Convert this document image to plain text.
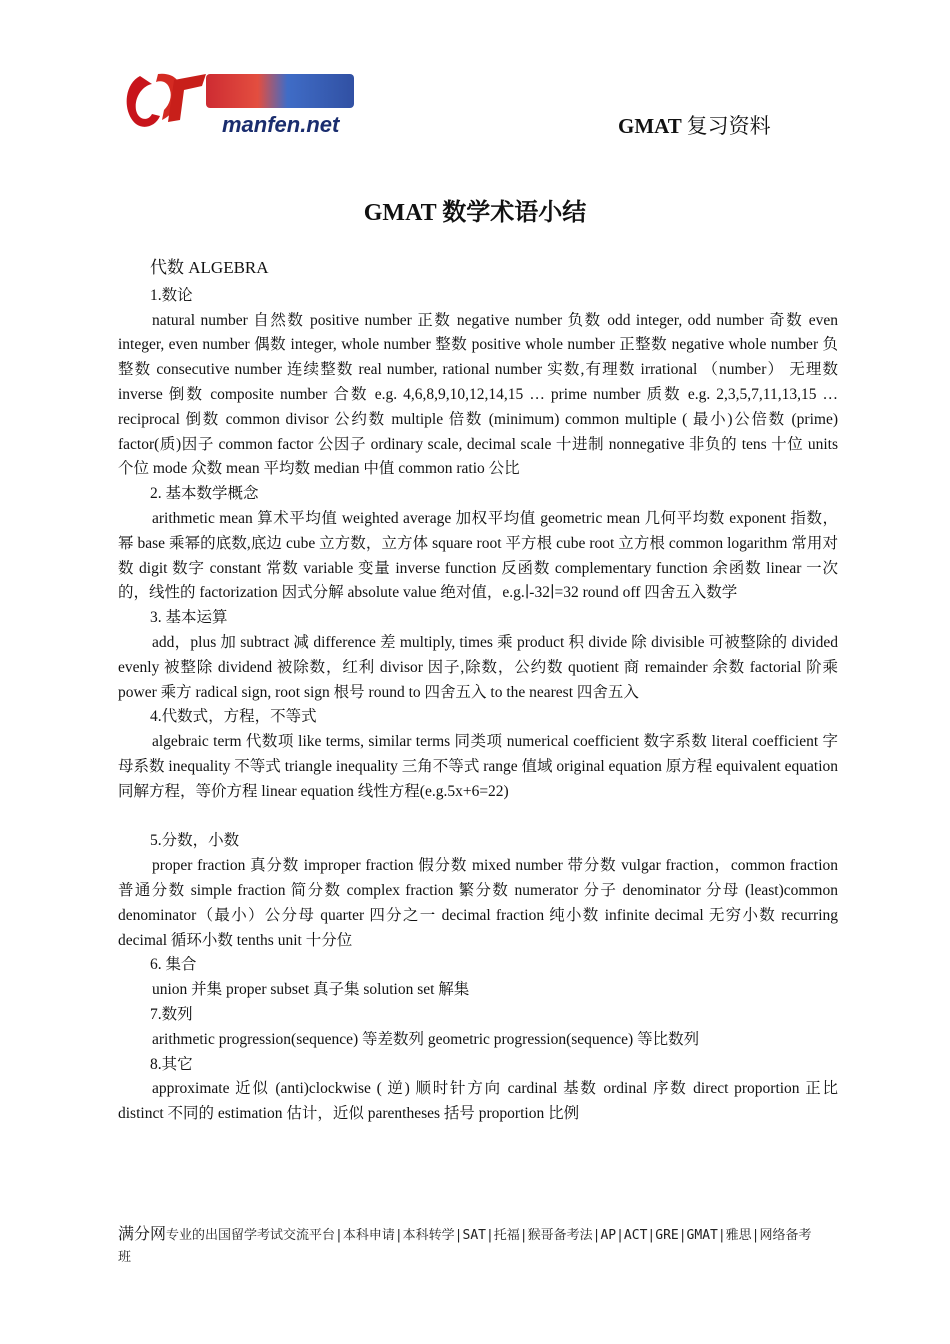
manfen.net	GMAT 复习资料
GMAT 数学术语小结
代数 ALGEBRA
1.数论
natural number 自然数 positive number 正数 negative number 负数 odd integer, odd number 奇数 even integer, even number 偶数 integer, whole number 整数 positive whole number 正整数 negative whole number 负整数 consecutive number 连续整数 real number, rational number 实数,有理数 irrational （number） 无理数 inverse 倒数 composite number 合数 e.g. 4,6,8,9,10,12,14,15 … prime number 质数 e.g. 2,3,5,7,11,13,15 … reciprocal 倒数 common divisor 公约数 multiple 倍数 (minimum) common multiple ( 最小)公倍数 (prime) factor(质)因子 common factor 公因子 ordinary scale, decimal scale 十进制 nonnegative 非负的 tens 十位 units 个位 mode 众数 mean 平均数 median 中值 common ratio 公比
2. 基本数学概念
arithmetic mean 算术平均值 weighted average 加权平均值 geometric mean 几何平均数 exponent 指数，幂 base 乘幂的底数,底边 cube 立方数，立方体 square root 平方根 cube root 立方根 common logarithm 常用对数 digit 数字 constant 常数 variable 变量 inverse function 反函数 complementary function 余函数 linear 一次的，线性的 factorization 因式分解 absolute value 绝对值，e.g.∣-32∣=32 round off 四舍五入数学
3. 基本运算
add，plus 加 subtract 减 difference 差 multiply, times 乘 product 积 divide 除 divisible 可被整除的 divided evenly 被整除 dividend 被除数，红利 divisor 因子,除数，公约数 quotient 商 remainder 余数 factorial 阶乘 power 乘方 radical sign, root sign 根号 round to 四舍五入 to the nearest 四舍五入
4.代数式，方程，不等式
algebraic term 代数项 like terms, similar terms 同类项 numerical coefficient 数字系数 literal coefficient 字母系数 inequality 不等式 triangle inequality 三角不等式 range 值域 original equation 原方程 equivalent equation 同解方程，等价方程 linear equation 线性方程(e.g.5x+6=22)
5.分数，小数
proper fraction 真分数 improper fraction 假分数 mixed number 带分数 vulgar fraction，common fraction 普通分数 simple fraction 简分数 complex fraction 繁分数 numerator 分子 denominator 分母 (least)common denominator（最小）公分母 quarter 四分之一 decimal fraction 纯小数 infinite decimal 无穷小数 recurring decimal 循环小数 tenths unit 十分位
6. 集合
union 并集 proper subset 真子集 solution set 解集
7.数列
arithmetic progression(sequence) 等差数列 geometric progression(sequence) 等比数列
8.其它
approximate 近似 (anti)clockwise ( 逆) 顺时针方向 cardinal 基数 ordinal 序数 direct proportion 正比 distinct 不同的 estimation 估计，近似 parentheses 括号 proportion 比例
满分网专业的出国留学考试交流平台|本科申请|本科转学|SAT|托福|猴哥备考法|AP|ACT|GRE|GMAT|雅思|网络备考班
